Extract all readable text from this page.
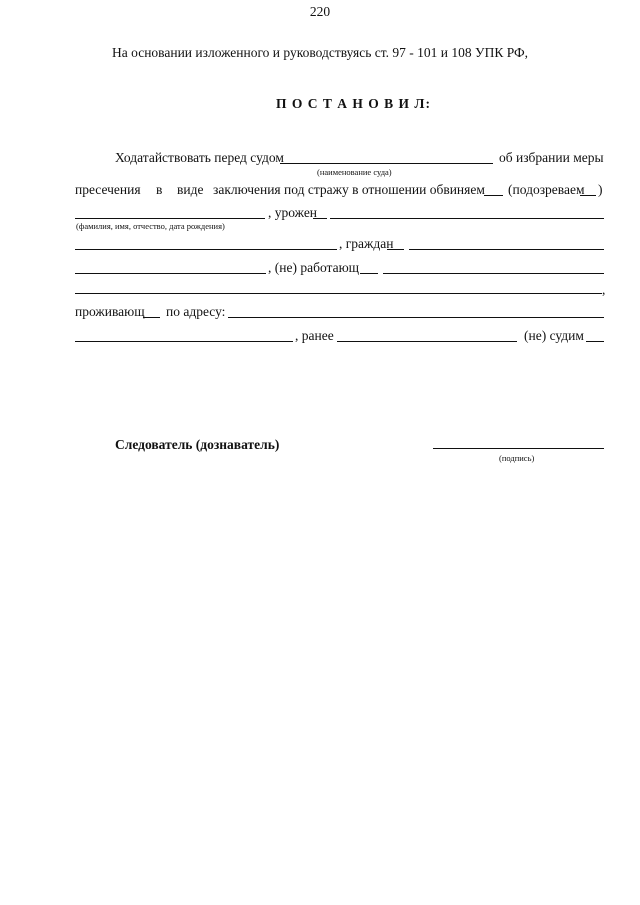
220
На основании изложенного и руководствуясь ст. 97 - 101 и 108 УПК РФ,
П О С Т А Н О В И Л:
Ходатайствовать перед судом	об избрании меры
(наименование суда)
пресечения в виде заключения под стражу в отношении обвиняем (подозреваем )
, урожен
(фамилия, имя, отчество, дата рождения)
, граждан
, (не) работающ
,
проживающ по адресу:
, ранее	(не) судим
Следователь (дознаватель)
(подпись)
